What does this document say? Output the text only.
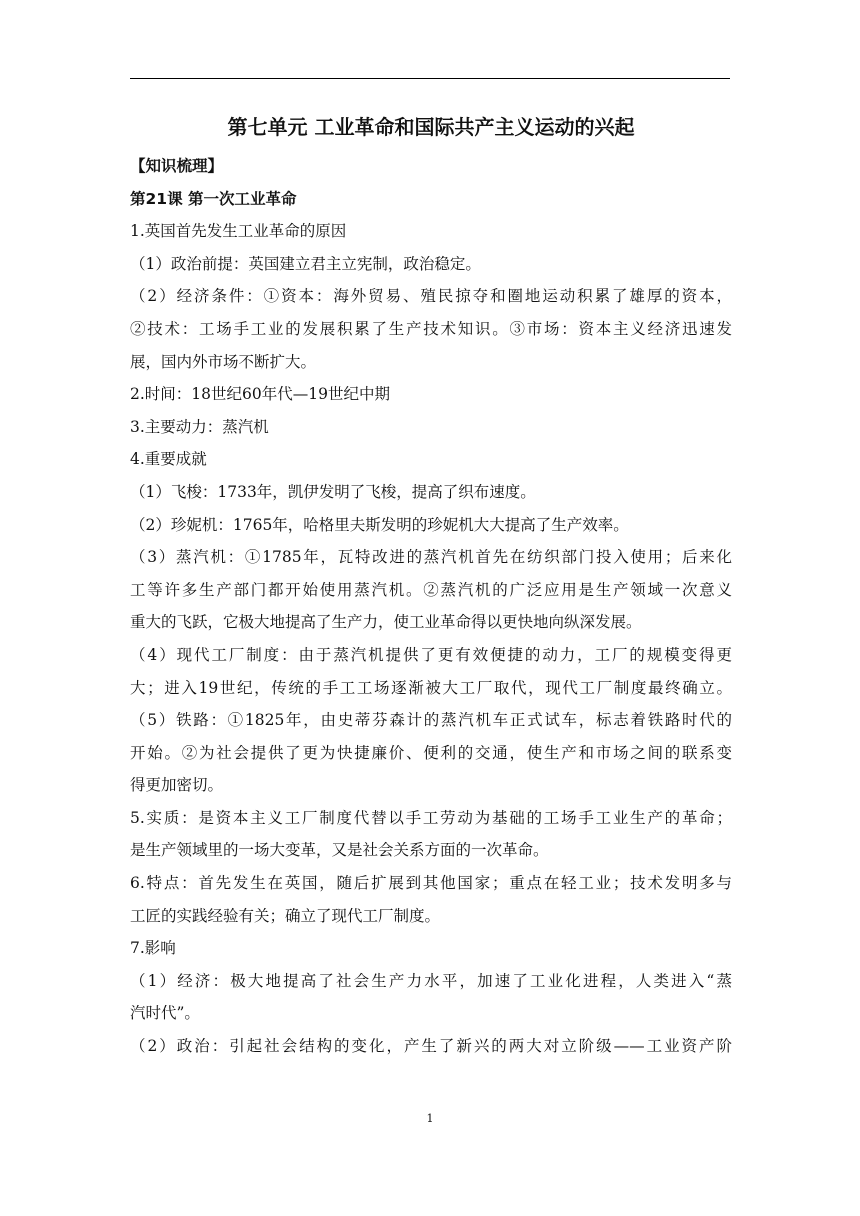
第七单元 工业革命和国际共产主义运动的兴起
【知识梳理】
第21课 第一次工业革命
1.英国首先发生工业革命的原因
（1）政治前提：英国建立君主立宪制，政治稳定。
（2）经济条件：①资本：海外贸易、殖民掠夺和圈地运动积累了雄厚的资本，
②技术：工场手工业的发展积累了生产技术知识。③市场：资本主义经济迅速发
展，国内外市场不断扩大。
2.时间：18世纪60年代—19世纪中期
3.主要动力：蒸汽机
4.重要成就
（1）飞梭：1733年，凯伊发明了飞梭，提高了织布速度。
（2）珍妮机：1765年，哈格里夫斯发明的珍妮机大大提高了生产效率。
（3）蒸汽机：①1785年，瓦特改进的蒸汽机首先在纺织部门投入使用；后来化
工等许多生产部门都开始使用蒸汽机。②蒸汽机的广泛应用是生产领域一次意义
重大的飞跃，它极大地提高了生产力，使工业革命得以更快地向纵深发展。
（4）现代工厂制度：由于蒸汽机提供了更有效便捷的动力，工厂的规模变得更
大；进入19世纪，传统的手工工场逐渐被大工厂取代，现代工厂制度最终确立。
（5）铁路：①1825年，由史蒂芬森计的蒸汽机车正式试车，标志着铁路时代的
开始。②为社会提供了更为快捷廉价、便利的交通，使生产和市场之间的联系变
得更加密切。
5.实质：是资本主义工厂制度代替以手工劳动为基础的工场手工业生产的革命；
是生产领域里的一场大变革，又是社会关系方面的一次革命。
6.特点：首先发生在英国，随后扩展到其他国家；重点在轻工业；技术发明多与
工匠的实践经验有关；确立了现代工厂制度。
7.影响
（1）经济：极大地提高了社会生产力水平，加速了工业化进程，人类进入“蒸
汽时代”。
（2）政治：引起社会结构的变化，产生了新兴的两大对立阶级——工业资产阶
1
